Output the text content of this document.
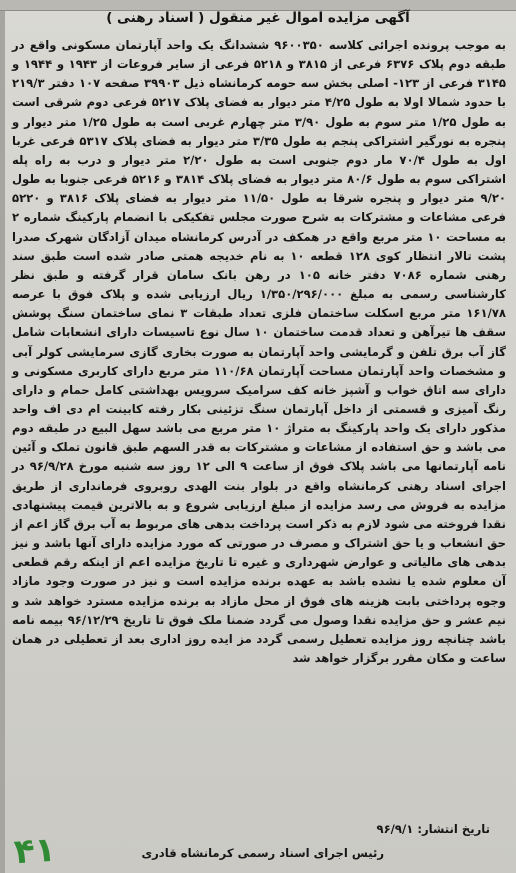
آگهی مزایده اموال غیر منقول ( اسناد رهنی )

به موجب پرونده اجرائی کلاسه ۹۶۰۰۳۵۰ ششدانگ یک واحد آپارتمان مسکونی واقع در طبقه دوم پلاک ۶۳۷۶ فرعی از ۳۸۱۵ و ۵۲۱۸ فرعی از سایر فروعات از ۱۹۴۳ و ۱۹۴۴ و ۳۱۴۵ فرعی از ۱۲۳- اصلی بخش سه حومه کرمانشاه ذیل ۳۹۹۰۳ صفحه ۱۰۷ دفتر ۲۱۹/۳ با حدود شمالا اولا به طول ۴/۲۵ متر دیوار به فضای پلاک ۵۲۱۷ فرعی دوم شرقی است به طول ۱/۲۵ متر سوم به طول ۳/۹۰ متر چهارم غربی است به طول ۱/۲۵ متر دیوار و پنجره به نورگیر اشتراکی پنجم به طول ۳/۳۵ متر دیوار به فضای پلاک ۵۳۱۷ فرعی غربا اول به طول ۷۰/۴ مار دوم جنوبی است به طول ۲/۲۰ متر دیوار و درب به راه پله اشتراکی سوم به طول ۸۰/۶ متر دیوار به فضای پلاک ۳۸۱۴ و ۵۲۱۶ فرعی جنوبا به طول ۹/۲۰ متر دیوار و پنجره شرقا به طول ۱۱/۵۰ متر دیوار به فضای پلاک ۳۸۱۶ و ۵۲۲۰ فرعی مشاعات و مشترکات به شرح صورت مجلس تفکیکی با انضمام پارکینگ شماره ۲ به مساحت ۱۰ متر مربع واقع در همکف در آدرس کرمانشاه میدان آزادگان شهرک صدرا پشت تالار انتظار کوی ۱۲۸ قطعه ۱۰ به نام خدیجه همتی صادر شده است طبق سند رهنی شماره ۷۰۸۶ دفتر خانه ۱۰۵ در رهن بانک سامان قرار گرفته و طبق نظر کارشناسی رسمی به مبلغ ۱/۳۵۰/۲۹۶/۰۰۰ ریال ارزیابی شده و پلاک فوق با عرصه ۱۶۱/۷۸ متر مربع اسکلت ساختمان فلزی تعداد طبقات ۳ نمای ساختمان سنگ پوشش سقف ها تیرآهن و تعداد قدمت ساختمان ۱۰ سال نوع تاسیسات دارای انشعابات شامل گاز آب برق تلفن و گرمایشی واحد آپارتمان به صورت بخاری گازی سرمایشی کولر آبی و مشخصات واحد آپارتمان مساحت آپارتمان ۱۱۰/۶۸ متر مربع دارای کاربری مسکونی و دارای سه اتاق خواب و آشپز خانه کف سرامیک سرویس بهداشتی کامل حمام و دارای رنگ آمیزی و قسمتی از داخل آپارتمان سنگ تزئینی بکار رفته کابینت ام دی اف واحد مذکور دارای یک واحد پارکینگ به متراژ ۱۰ متر مربع می باشد سهل البیع در طبقه دوم می باشد و حق استفاده از مشاعات و مشترکات به قدر السهم طبق قانون تملک و آئین نامه آپارتمانها می باشد پلاک فوق از ساعت ۹ الی ۱۲ روز سه شنبه مورخ ۹۶/۹/۲۸ در اجرای اسناد رهنی کرمانشاه واقع در بلوار بنت الهدی روبروی فرمانداری از طریق مزایده به فروش می رسد مزایده از مبلغ ارزیابی شروع و به بالاترین قیمت پیشنهادی نقدا فروخته می شود لازم به ذکر است پرداخت بدهی های مربوط به آب برق گاز اعم از حق انشعاب و یا حق اشتراک و مصرف در صورتی که مورد مزایده دارای آنها باشد و نیز بدهی های مالیاتی و عوارض شهرداری و غیره تا تاریخ مزایده اعم از اینکه رقم قطعی آن معلوم شده یا نشده باشد به عهده برنده مزایده است و نیز در صورت وجود مازاد وجوه پرداختی بابت هزینه های فوق از محل مازاد به برنده مزایده مسترد خواهد شد و نیم عشر و حق مزایده نقدا وصول می گردد ضمنا ملک فوق تا تاریخ ۹۶/۱۲/۲۹ بیمه نامه باشد چنانچه روز مزایده تعطیل رسمی گردد مز ایده روز اداری بعد از تعطیلی در همان ساعت و مکان مقرر برگزار خواهد شد

تاریخ انتشار: ۹۶/۹/۱
رئیس اجرای اسناد رسمی کرمانشاه قادری
۴۱
